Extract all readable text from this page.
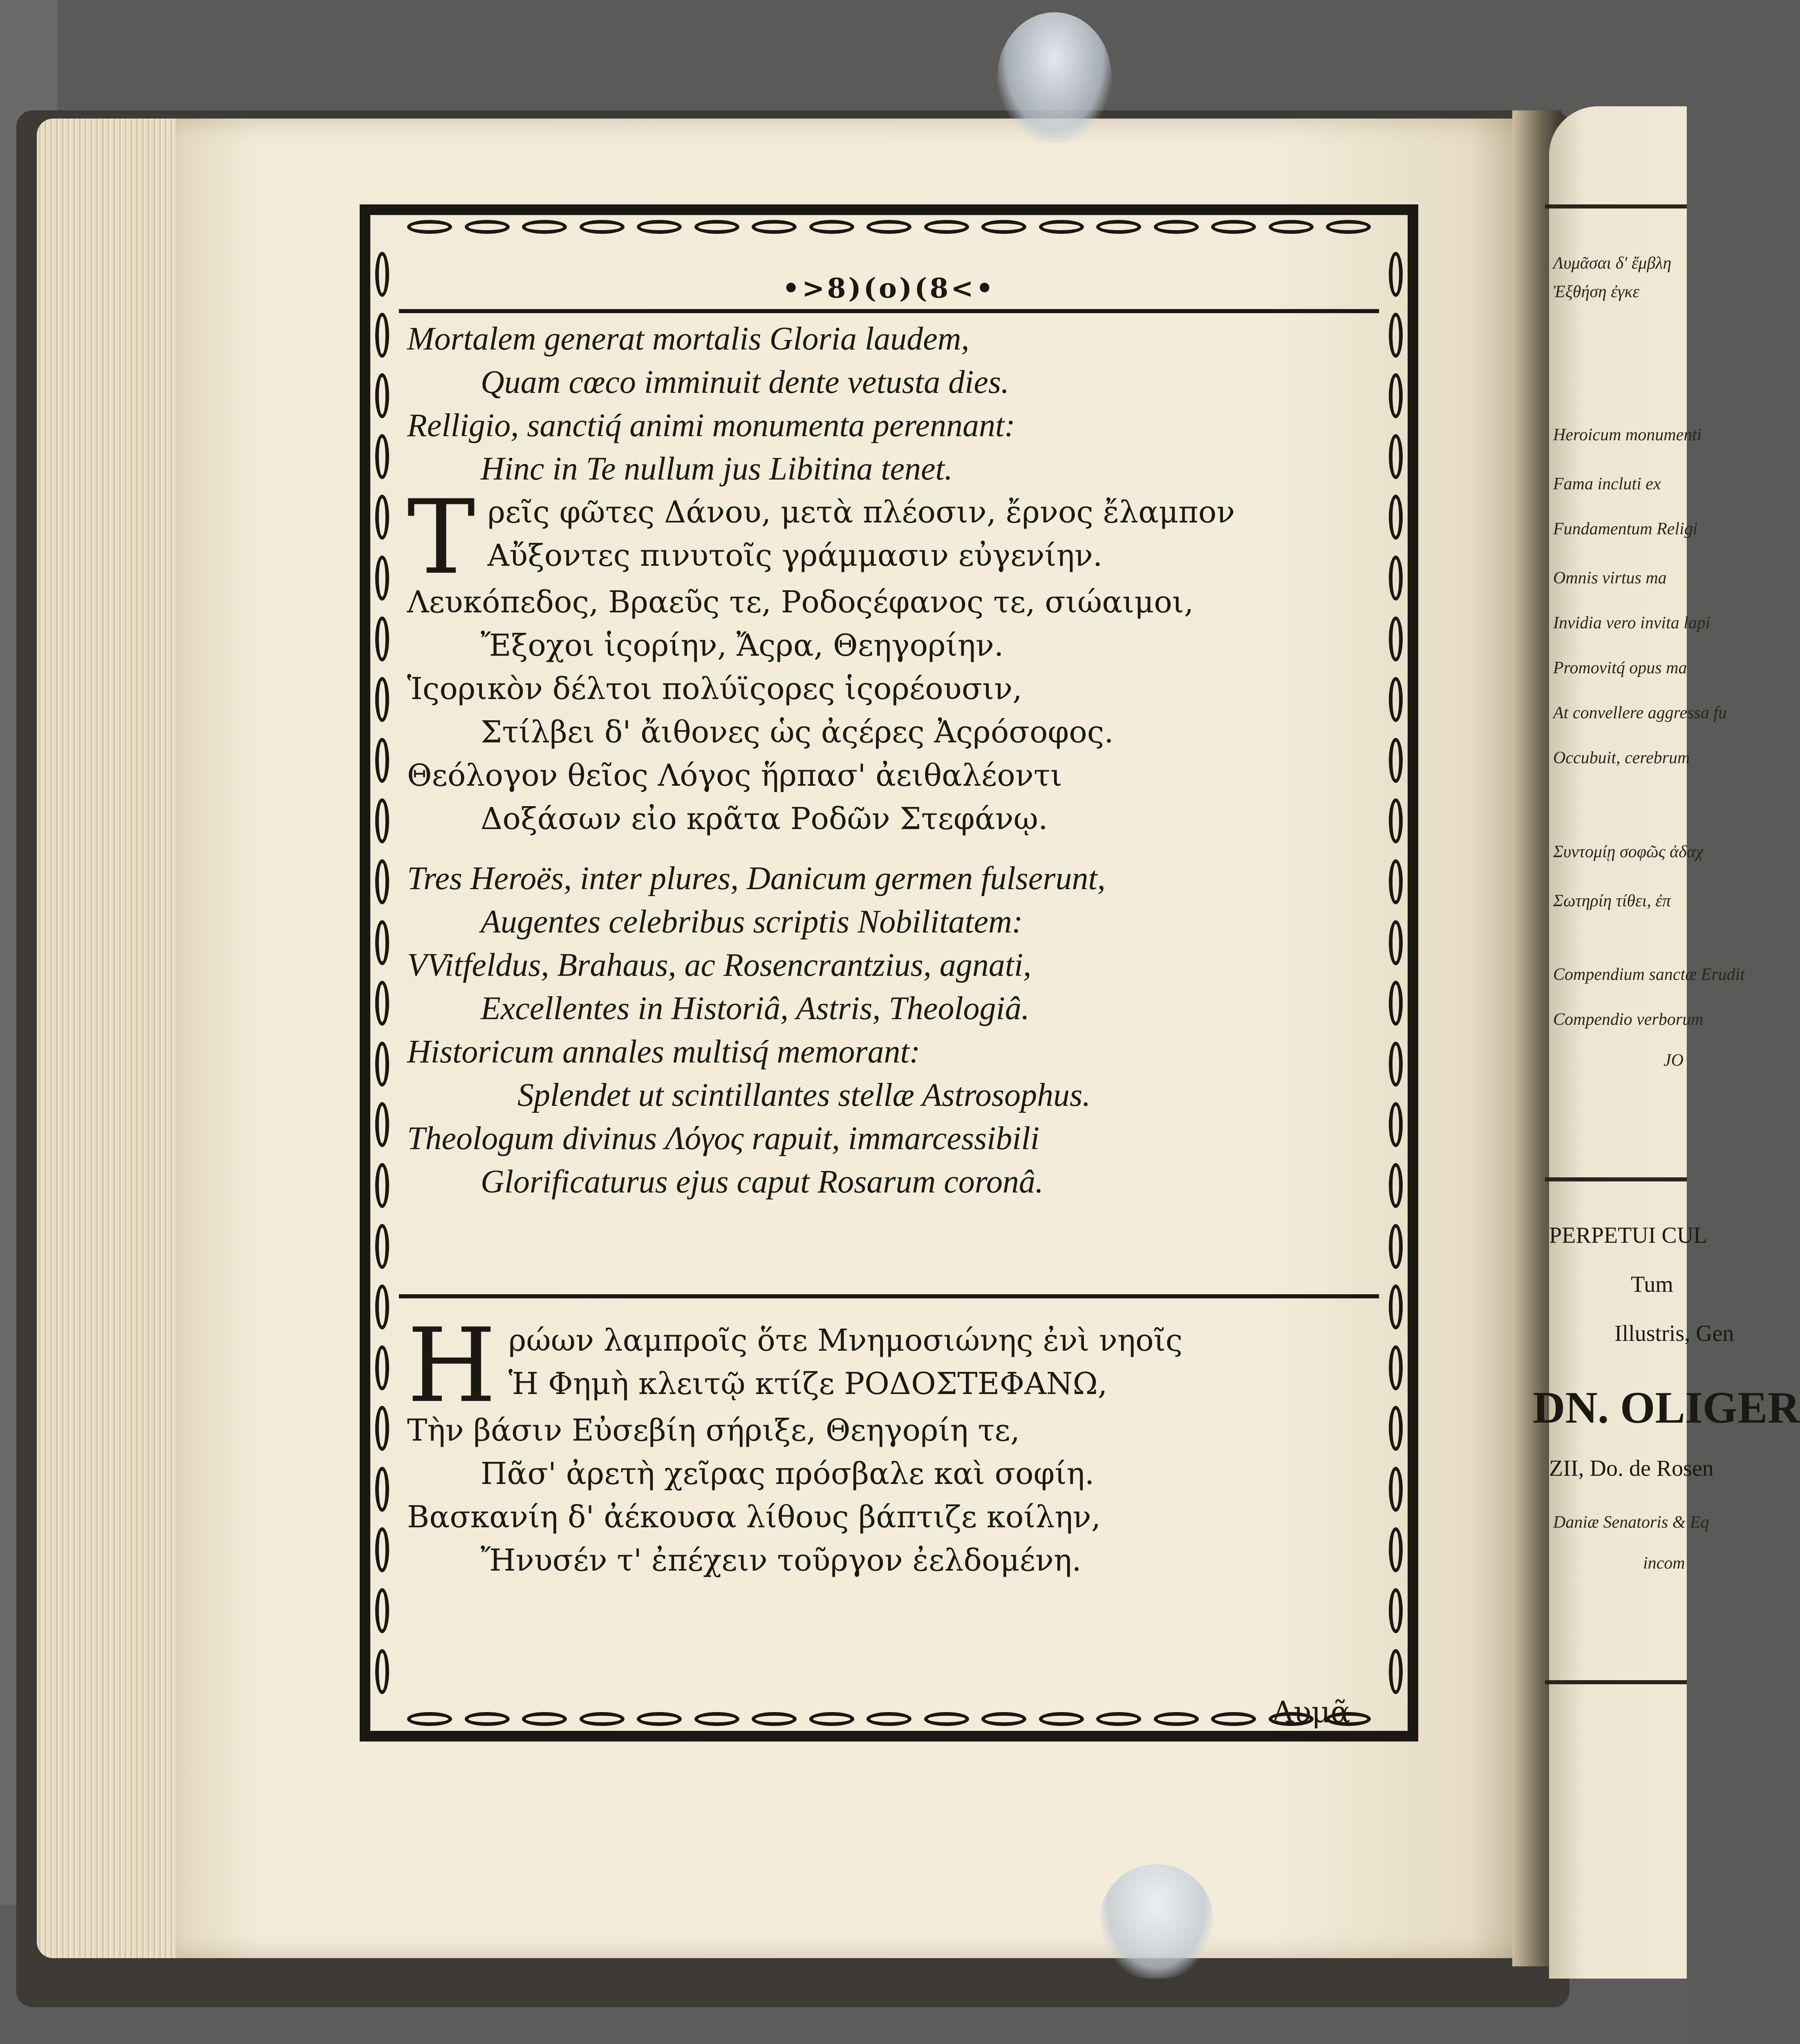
Λυμᾶσαι δ' ἔμβλη
Ἐξθήση ἐγκε
Heroicum monumenti
Fama incluti ex
Fundamentum Religi
Omnis virtus ma
Invidia vero invita lapi
Promovitq́ opus ma
At convellere aggressa fu
Occubuit, cerebrum
Συντομίῃ σοφῶς ἀδαχ
Σωτηρίη τίθει, ἐπ
Compendium sanctæ Erudit
Compendio verborum
JO
PERPETUI CUL
Tum
Illustris, Gen
DN. OLIGER
ZII, Do. de Rosen
Daniæ Senatoris & Eq
incom
•>8)(o)(8<•
Mortalem generat mortalis Gloria laudem,
Quam cœco imminuit dente vetusta dies.
Relligio, sanctiq́ animi monumenta perennant:
Hinc in Te nullum jus Libitina tenet.
T ρεῖς φῶτες Δάνου, μετὰ πλέοσιν, ἔρνος ἔλαμπον
Αὔξοντες πινυτοῖς γράμμασιν εὐγενίην.
Λευκόπεδος, Βραεῦς τε, Ροδοςέφανος τε, σιώαιμοι,
Ἔξοχοι ἱςορίην, Ἄςρα, Θεηγορίην.
Ἱςορικὸν δέλτοι πολύϊςορες ἱςορέουσιν,
Στίλβει δ' ἄιθονες ὡς ἀςέρες Ἀςρόσοφος.
Θεόλογον θεῖος Λόγος ἥρπασ' ἀειθαλέοντι
Δοξάσων εἰο κρᾶτα Ροδῶν Στεφάνῳ.
Tres Heroës, inter plures, Danicum germen fulserunt,
Augentes celebribus scriptis Nobilitatem:
VVitfeldus, Brahaus, ac Rosencrantzius, agnati,
Excellentes in Historiâ, Astris, Theologiâ.
Historicum annales multisq́ memorant:
Splendet ut scintillantes stellæ Astrosophus.
Theologum divinus Λόγος rapuit, immarcessibili
Glorificaturus ejus caput Rosarum coronâ.
H ρώων λαμπροῖς ὅτε Μνημοσιώνης ἐνὶ νηοῖς
Ἡ Φημὴ κλειτῷ κτίζε ΡΟΔΟΣΤΕΦΑΝΩ,
Τὴν βάσιν Εὐσεβίη σήριξε, Θεηγορίη τε,
Πᾶσ' ἀρετὴ χεῖρας πρόσβαλε καὶ σοφίη.
Βασκανίη δ' ἀέκουσα λίθους βάπτιζε κοίλην,
Ἤνυσέν τ' ἐπέχειν τοῦργον ἐελδομένη.
Λυμᾶ
